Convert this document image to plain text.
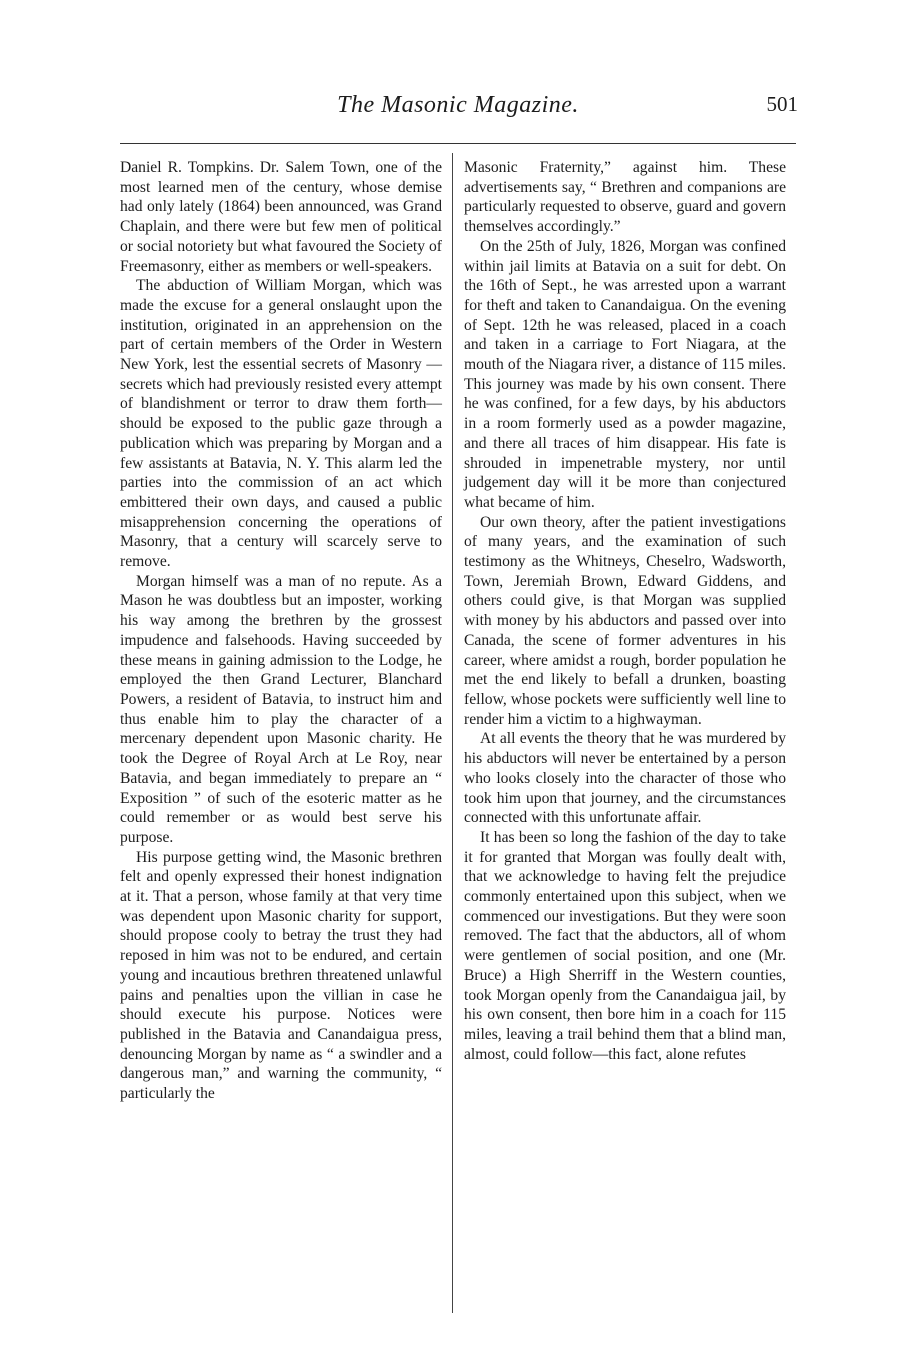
The Masonic Magazine.	501

Daniel R. Tompkins. Dr. Salem Town, one of the most learned men of the century, whose demise had only lately (1864) been announced, was Grand Chaplain, and there were but few men of political or social notoriety but what favoured the Society of Freemasonry, either as members or well-speakers.

The abduction of William Morgan, which was made the excuse for a general onslaught upon the institution, originated in an apprehension on the part of certain members of the Order in Western New York, lest the essential secrets of Masonry —secrets which had previously resisted every attempt of blandishment or terror to draw them forth—should be exposed to the public gaze through a publication which was preparing by Morgan and a few assistants at Batavia, N. Y. This alarm led the parties into the commission of an act which embittered their own days, and caused a public misapprehension concerning the operations of Masonry, that a century will scarcely serve to remove.

Morgan himself was a man of no repute. As a Mason he was doubtless but an imposter, working his way among the brethren by the grossest impudence and falsehoods. Having succeeded by these means in gaining admission to the Lodge, he employed the then Grand Lecturer, Blanchard Powers, a resident of Batavia, to instruct him and thus enable him to play the character of a mercenary dependent upon Masonic charity. He took the Degree of Royal Arch at Le Roy, near Batavia, and began immediately to prepare an “ Exposition ” of such of the esoteric matter as he could remember or as would best serve his purpose.

His purpose getting wind, the Masonic brethren felt and openly expressed their honest indignation at it. That a person, whose family at that very time was dependent upon Masonic charity for support, should propose cooly to betray the trust they had reposed in him was not to be endured, and certain young and incautious brethren threatened unlawful pains and penalties upon the villian in case he should execute his purpose. Notices were published in the Batavia and Canandaigua press, denouncing Morgan by name as “ a swindler and a dangerous man,” and warning the community, “ particularly the

Masonic Fraternity,” against him. These advertisements say, “ Brethren and companions are particularly requested to observe, guard and govern themselves accordingly.”

On the 25th of July, 1826, Morgan was confined within jail limits at Batavia on a suit for debt. On the 16th of Sept., he was arrested upon a warrant for theft and taken to Canandaigua. On the evening of Sept. 12th he was released, placed in a coach and taken in a carriage to Fort Niagara, at the mouth of the Niagara river, a distance of 115 miles. This journey was made by his own consent. There he was confined, for a few days, by his abductors in a room formerly used as a powder magazine, and there all traces of him disappear. His fate is shrouded in impenetrable mystery, nor until judgement day will it be more than conjectured what became of him.

Our own theory, after the patient investigations of many years, and the examination of such testimony as the Whitneys, Cheselro, Wadsworth, Town, Jeremiah Brown, Edward Giddens, and others could give, is that Morgan was supplied with money by his abductors and passed over into Canada, the scene of former adventures in his career, where amidst a rough, border population he met the end likely to befall a drunken, boasting fellow, whose pockets were sufficiently well line to render him a victim to a highwayman.

At all events the theory that he was murdered by his abductors will never be entertained by a person who looks closely into the character of those who took him upon that journey, and the circumstances connected with this unfortunate affair.

It has been so long the fashion of the day to take it for granted that Morgan was foully dealt with, that we acknowledge to having felt the prejudice commonly entertained upon this subject, when we commenced our investigations. But they were soon removed. The fact that the abductors, all of whom were gentlemen of social position, and one (Mr. Bruce) a High Sherriff in the Western counties, took Morgan openly from the Canandaigua jail, by his own consent, then bore him in a coach for 115 miles, leaving a trail behind them that a blind man, almost, could follow—this fact, alone refutes
